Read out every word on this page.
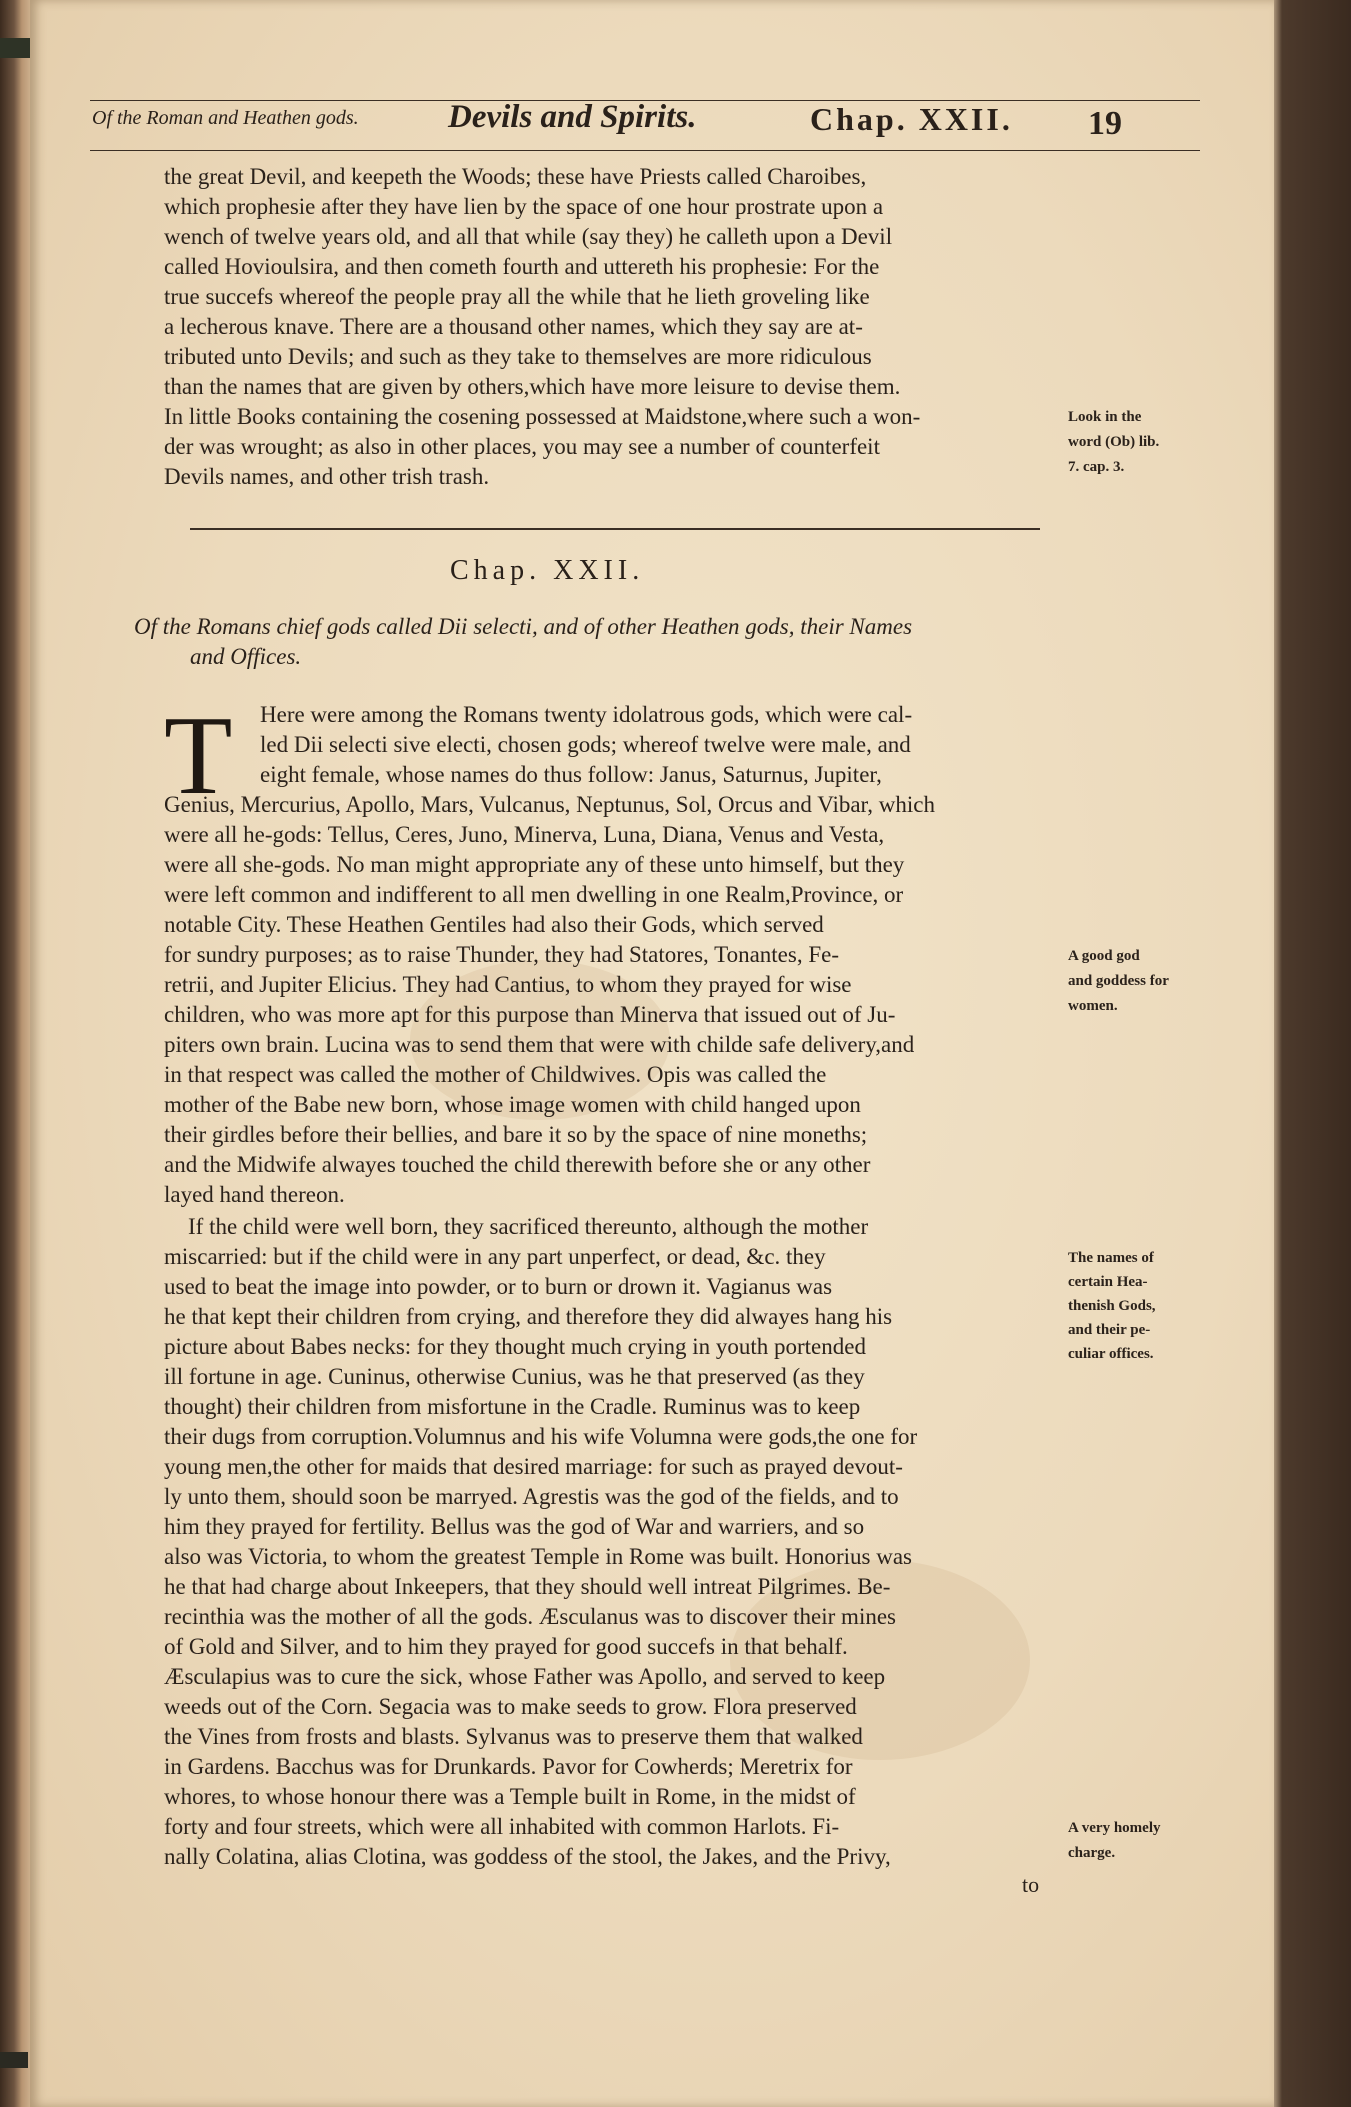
Of the Roman and Heathen gods.	Devils and Spirits.	Chap. XXII. 19
the great Devil, and keepeth the Woods; these have Priests called Charoibes,
which prophesie after they have lien by the space of one hour prostrate upon a
wench of twelve years old, and all that while (say they) he calleth upon a Devil
called Hovioulsira, and then cometh fourth and uttereth his prophesie: For the
true succefs whereof the people pray all the while that he lieth groveling like
a lecherous knave. There are a thousand other names, which they say are at-
tributed unto Devils; and such as they take to themselves are more ridiculous
than the names that are given by others,which have more leisure to devise them.
In little Books containing the cosening possessed at Maidstone,where such a won-
der was wrought; as also in other places, you may see a number of counterfeit
Devils names, and other trish trash.
Look in the
word (Ob) lib.
7. cap. 3.
Chap. XXII.
Of the Romans chief gods called Dii selecti, and of other Heathen gods, their Names
and Offices.
T Here were among the Romans twenty idolatrous gods, which were cal-
led Dii selecti sive electi, chosen gods; whereof twelve were male, and
eight female, whose names do thus follow: Janus, Saturnus, Jupiter,
Genius, Mercurius, Apollo, Mars, Vulcanus, Neptunus, Sol, Orcus and Vibar, which
were all he-gods: Tellus, Ceres, Juno, Minerva, Luna, Diana, Venus and Vesta,
were all she-gods. No man might appropriate any of these unto himself, but they
were left common and indifferent to all men dwelling in one Realm,Province, or
notable City. These Heathen Gentiles had also their Gods, which served
for sundry purposes; as to raise Thunder, they had Statores, Tonantes, Fe-
retrii, and Jupiter Elicius. They had Cantius, to whom they prayed for wise
children, who was more apt for this purpose than Minerva that issued out of Ju-
piters own brain. Lucina was to send them that were with childe safe delivery,and
in that respect was called the mother of Childwives. Opis was called the
mother of the Babe new born, whose image women with child hanged upon
their girdles before their bellies, and bare it so by the space of nine moneths;
and the Midwife alwayes touched the child therewith before she or any other
layed hand thereon.
A good god
and goddess for
women.
If the child were well born, they sacrificed thereunto, although the mother
miscarried: but if the child were in any part unperfect, or dead, &c. they
used to beat the image into powder, or to burn or drown it. Vagianus was
he that kept their children from crying, and therefore they did alwayes hang his
picture about Babes necks: for they thought much crying in youth portended
ill fortune in age. Cuninus, otherwise Cunius, was he that preserved (as they
thought) their children from misfortune in the Cradle. Ruminus was to keep
their dugs from corruption.Volumnus and his wife Volumna were gods,the one for
young men,the other for maids that desired marriage: for such as prayed devout-
ly unto them, should soon be marryed. Agrestis was the god of the fields, and to
him they prayed for fertility. Bellus was the god of War and warriers, and so
also was Victoria, to whom the greatest Temple in Rome was built. Honorius was
he that had charge about Inkeepers, that they should well intreat Pilgrimes. Be-
recinthia was the mother of all the gods. Æsculanus was to discover their mines
of Gold and Silver, and to him they prayed for good succefs in that behalf.
Æsculapius was to cure the sick, whose Father was Apollo, and served to keep
weeds out of the Corn. Segacia was to make seeds to grow. Flora preserved
the Vines from frosts and blasts. Sylvanus was to preserve them that walked
in Gardens. Bacchus was for Drunkards. Pavor for Cowherds; Meretrix for
whores, to whose honour there was a Temple built in Rome, in the midst of
forty and four streets, which were all inhabited with common Harlots. Fi-
nally Colatina, alias Clotina, was goddess of the stool, the Jakes, and the Privy,
The names of
certain Hea-
thenish Gods,
and their pe-
culiar offices.
A very homely
charge.
to
